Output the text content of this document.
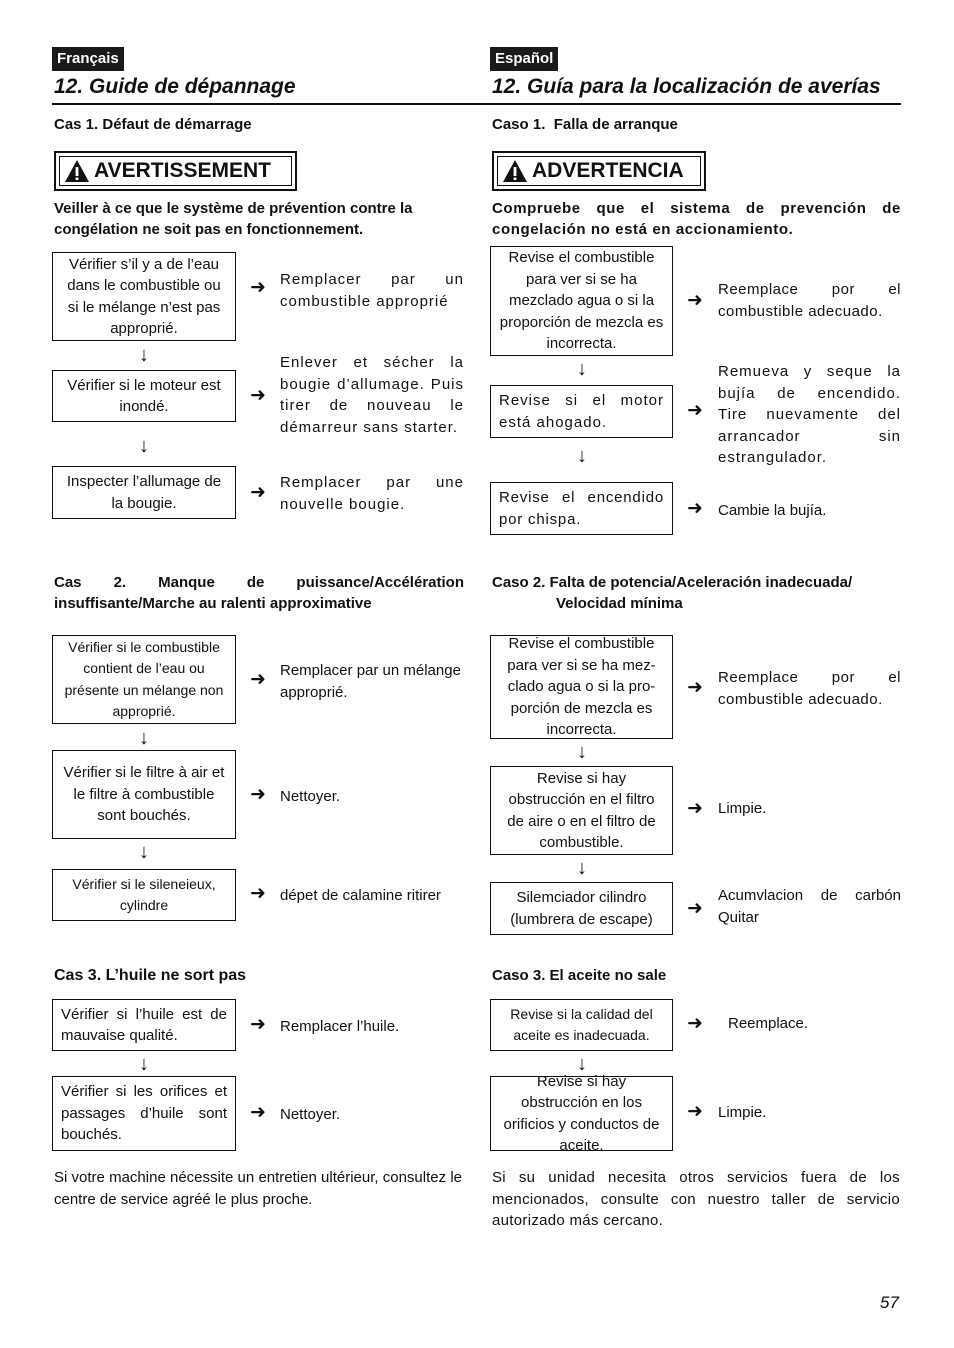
Français
12. Guide de dépannage
Español
12. Guía para la localización de averías
Cas 1. Défaut de démarrage
AVERTISSEMENT
Veiller à ce que le système de prévention contre la congélation ne soit pas en fonctionnement.
Vérifier s’il y a de l’eau dans le combustible ou si le mélange n’est pas approprié.
↓
Vérifier si le moteur est inondé.
↓
Inspecter l’allumage de la bougie.
➜ Remplacer par un combustible approprié
➜
Enlever et sécher la bougie d’allumage. Puis tirer de nouveau le démarreur sans starter.
➜ Remplacer par une nouvelle bougie.
Cas 2. Manque de puissance/Accélération insuffisante/Marche au ralenti approximative
Vérifier si le combustible contient de l’eau ou présente un mélange non approprié.
↓
Vérifier si le filtre à air et le filtre à combustible sont bouchés.
↓
Vérifier si le sileneieux, cylindre
➜ Remplacer par un mélange approprié.
➜ Nettoyer.
➜ dépet de calamine ritirer
Cas 3. L’huile ne sort pas
Vérifier si l’huile est de mauvaise qualité.
↓
Vérifier si les orifices et passages d’huile sont bouchés.
➜ Remplacer l’huile.
➜ Nettoyer.
Si votre machine nécessite un entretien ultérieur, consultez le centre de service agréé le plus proche.
Caso 1.  Falla de arranque
ADVERTENCIA
Compruebe que el sistema de prevención de congelación no está en accionamiento.
Revise el combustible para ver si se ha mezclado agua o si la proporción de mezcla es incorrecta.
↓
Revise si el motor está ahogado.
↓
Revise el encendido por chispa.
➜
Reemplace por el combustible adecuado.
➜
Remueva y seque la bujía de encendido. Tire nuevamente del arrancador sin estrangulador.
➜ Cambie la bujía.
Caso 2. Falta de potencia/Aceleración inadecuada/
Velocidad mínima
Revise el combustible para ver si se ha mez-clado agua o si la pro-porción de mezcla es incorrecta.
↓
Revise si hay obstrucción en el filtro de aire o en el filtro de combustible.
↓
Silemciador cilindro (lumbrera de escape)
➜ Reemplace por el combustible adecuado.
➜ Limpie.
➜
Acumvlacion de carbón Quitar
Caso 3. El aceite no sale
Revise si la calidad del aceite es inadecuada.
↓
Revise si hay obstrucción en los orificios y conductos de aceite.
➜ Reemplace.
➜ Limpie.
Si su unidad necesita otros servicios fuera de los mencionados, consulte con nuestro taller de servicio autorizado más cercano.
57
